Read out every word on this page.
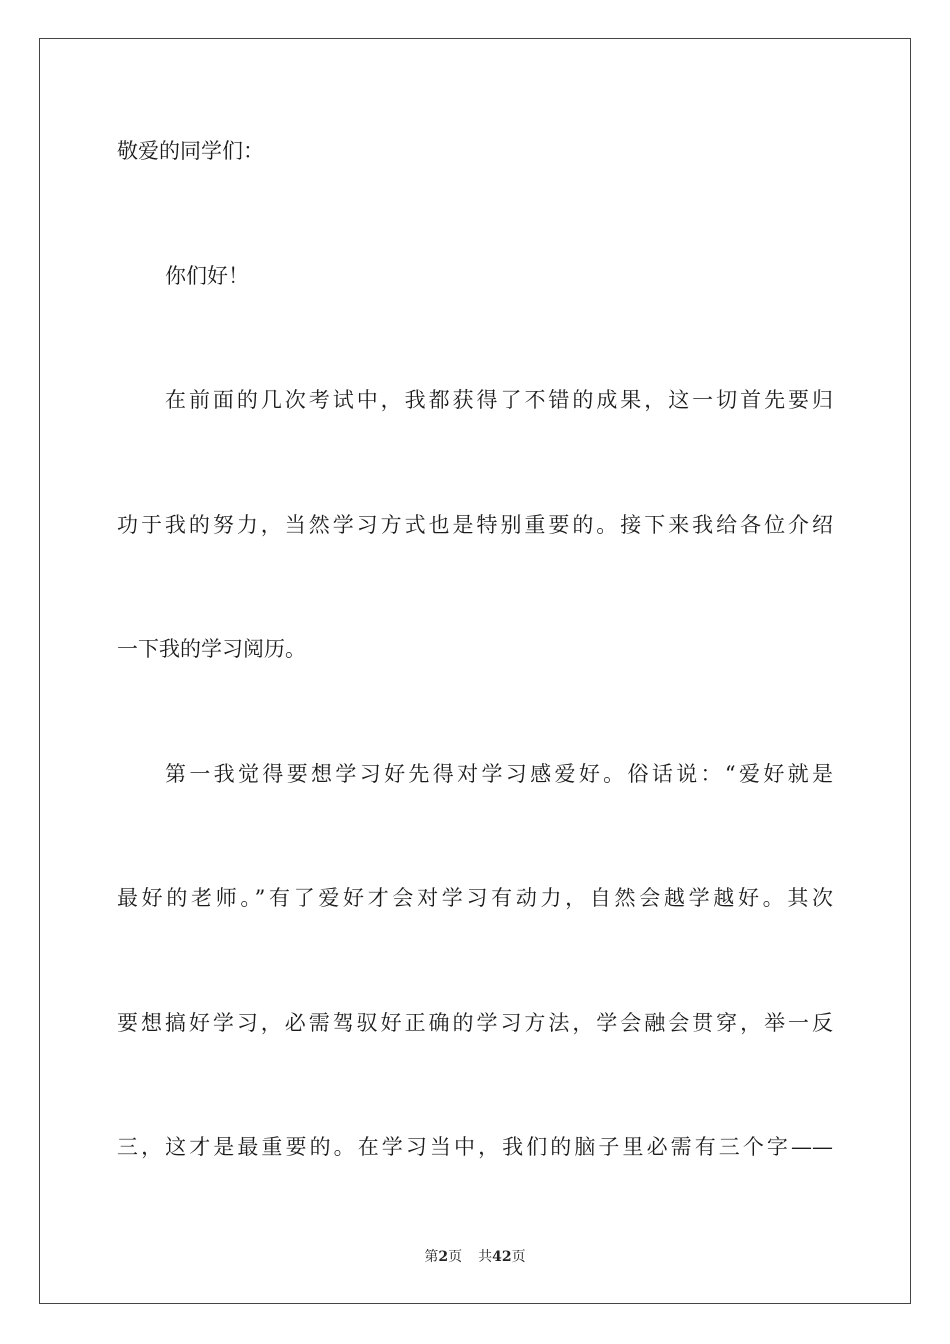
敬爱的同学们：
你们好！
在前面的几次考试中，我都获得了不错的成果，这一切首先要归
功于我的努力，当然学习方式也是特别重要的。接下来我给各位介绍
一下我的学习阅历。
第一我觉得要想学习好先得对学习感爱好。俗话说：“爱好就是
最好的老师。”有了爱好才会对学习有动力，自然会越学越好。其次
要想搞好学习，必需驾驭好正确的学习方法，学会融会贯穿，举一反
三，这才是最重要的。在学习当中，我们的脑子里必需有三个字——
第2页 共42页
